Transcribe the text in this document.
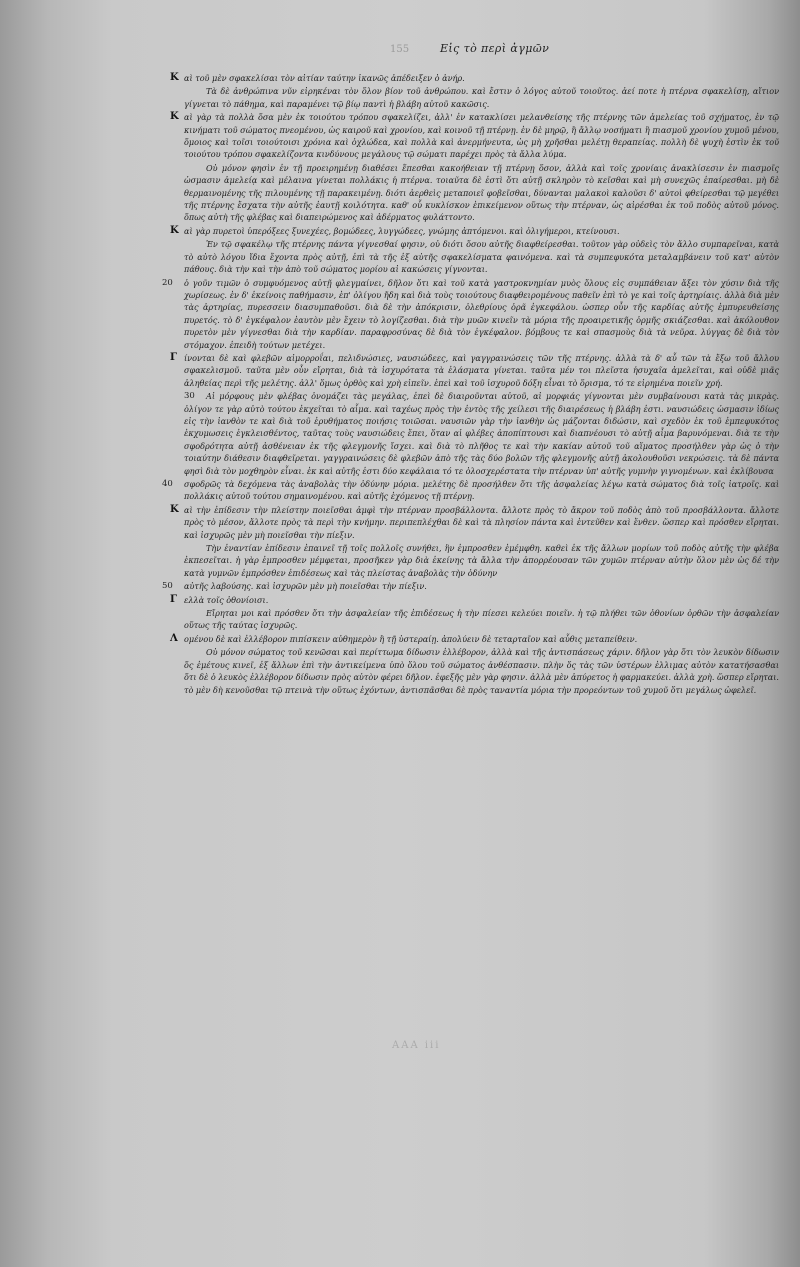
155	Εἰς τὸ περὶ ἀγμῶν
Κ αὶ τοῦ μὲν σφακελίσαι τὸν αἰτίαν ταύτην ἱκανῶς ἀπέδειξεν ὁ ἀνήρ.
Τὰ δὲ ἀνθρώπινα νῦν εἰρηκέναι τὸν ὅλον βίον τοῦ ἀνθρώπου. καὶ ἔστιν ὁ λόγος αὐτοῦ τοιοῦτος. ἀεί ποτε ἡ πτέρνα σφακελίσῃ, αἴτιον γίγνεται τὸ πάθημα, καὶ παραμένει τῷ βίῳ παντὶ ἡ βλάβη αὐτοῦ κακῶσις.
Κ αὶ γὰρ τὰ πολλὰ ὅσα μὲν ἐκ τοιούτου τρόπου σφακελίζει, ἀλλ' ἐν κατακλίσει μελανθείσης τῆς πτέρνης τῶν ἀμελείας τοῦ σχήματος, ἐν τῷ κινήματι τοῦ σώματος πνεομένου, ὡς καιροῦ καὶ χρονίου, καὶ κοινοῦ τῇ πτέρνῃ. ἐν δὲ μηρῷ, ἢ ἄλλῳ νοσήματι ἢ πιασμοῦ χρονίου χυμοῦ μένου, ὅμοιος καὶ τοῖσι τοιούτοισι χρόνια καὶ ὀχλώδεα, καὶ πολλὰ καὶ ἀνερμήνευτα, ὡς μὴ χρῆσθαι μελέτῃ θεραπείας. πολλὴ δὲ ψυχὴ ἐστὶν ἐκ τοῦ τοιούτου τρόπου σφακελίζοντα κινδύνους μεγάλους τῷ σώματι παρέχει πρὸς τὰ ἄλλα λύμα.
Οὐ μόνον φησὶν ἐν τῇ προειρημένῃ διαθέσει ἕπεσθαι κακοήθειαν τῇ πτέρνῃ ὅσον, ἀλλὰ καὶ τοῖς χρονίαις ἀνακλίσεσιν ἐν πιασμοῖς ὡσμασιν ἀμελείᾳ καὶ μέλαινα γίνεται πολλάκις ἡ πτέρνα. τοιαῦτα δὲ ἐστὶ ὅτι αὐτῇ σκληρὸν τὸ κεῖσθαι καὶ μὴ συνεχῶς ἐπαίρεσθαι. μὴ δὲ θερμαινομένης τῆς πιλουμένης τῇ παρακειμένῃ. διότι ἀερθεὶς μεταποιεῖ φοβεῖσθαι, δύνανται μαλακοὶ καλοῦσι δ' αὐτοὶ φθείρεσθαι τῷ μεγέθει τῆς πτέρνης ἔσχατα τὴν αὐτῆς ἐαυτῇ κοιλότητα. καθ' οὗ κυκλίσκον ἐπικείμενον οὕτως τὴν πτέρναν, ὡς αἰρέσθαι ἐκ τοῦ ποδὸς αὐτοῦ μόνος. ὅπως αὐτὴ τῆς φλέβας καὶ διαπειρώμενος καὶ ἀδέρματος φυλάττοντο.
Κ αὶ γὰρ πυρετοὶ ὑπερόξεες ξυνεχέες, βομώδεες, λυγγώδεες, γνώμης ἁπτόμενοι. καὶ ὀλιγήμεροι, κτείνουσι.
Ἐν τῷ σφακέλῳ τῆς πτέρνης πάντα γίγνεσθαί φησιν, οὐ διότι ὅσου αὐτῆς διαφθείρεσθαι. τοῦτον γὰρ οὐδεὶς τὸν ἄλλο συμπαρεῖναι, κατὰ τὸ αὐτὸ λόγου ἴδια ἔχοντα πρὸς αὐτῇ, ἐπὶ τὰ τῆς ἐξ αὐτῆς σφακελίσματα φαινόμενα. καὶ τὰ συμπεφυκότα μεταλαμβάνειν τοῦ κατ' αὐτὸν πάθους. διὰ τὴν καὶ τὴν ἀπὸ τοῦ σώματος μορίου αἱ κακώσεις γίγνονται.
20 ὁ γοῦν τιμῶν ὁ συμφυόμενος αὐτῇ φλεγμαίνει, δῆλον ὅτι καὶ τοῦ κατὰ γαστροκνημίαν μυὸς ὅλους εἰς συμπάθειαν ἄξει τὸν χύσιν διὰ τῆς χωρίσεως. ἐν δ' ἐκείνοις παθήμασιν, ἐπ' ὀλίγου ἤδη καὶ διὰ τοὺς τοιούτους διαφθειρομένους παθεῖν ἐπὶ τὸ γε καὶ τοῖς ἀρτηρίαις. ἀλλὰ διὰ μὲν τὰς ἀρτηρίας, πυρεσσειν διασυμπαθοῦσι. διὰ δὲ τὴν ἀπόκρισιν, ὀλεθρίους ὁρᾶ ἐγκεφάλου. ὡσπερ οὖν τῆς καρδίας αὐτῆς ἐμπυρευθείσης πυρετός. τὸ δ' ἐγκέφαλον ἑαυτὸν μὲν ἔχειν τὸ λογίζεσθαι. διὰ τὴν μυῶν κινεῖν τὰ μόρια τῆς προαιρετικῆς ὁρμῆς σκιάζεσθαι. καὶ ἀκόλουθον πυρετὸν μὲν γίγνεσθαι διὰ τὴν καρδίαν. παραφροσύνας δὲ διὰ τὸν ἐγκέφαλον. βόμβους τε καὶ σπασμοὺς διὰ τὰ νεῦρα. λύγγας δὲ διὰ τὸν στόμαχον. ἐπειδὴ τούτων μετέχει.
Γ ίνονται δὲ καὶ φλεβῶν αἱμορροΐαι, πελιδνώσιες, ναυσιώδεες, καὶ γαγγραινώσεις τῶν τῆς πτέρνης. ἀλλὰ τὰ δ' αὖ τῶν τὰ ἔξω τοῦ ἄλλου σφακελισμοῦ. ταῦτα μὲν οὖν εἴρηται, διὰ τὰ ἰσχυρότατα τὰ ἐλάσματα γίνεται. ταῦτα μέν τοι πλεῖστα ἡσυχαῖα ἀμελεῖται, καὶ οὐδὲ μιᾶς ἀληθείας περὶ τῆς μελέτης. ἀλλ' ὅμως ὀρθὸς καὶ χρὴ εἰπεῖν. ἐπεὶ καὶ τοῦ ἰσχυροῦ δόξη εἶναι τὸ ὅρισμα, τό τε εἰρημένα ποιεῖν χρή.
30 Αἱ μόρφους μὲν φλέβας ὀνομάζει τὰς μεγάλας, ἐπεὶ δὲ διαιροῦνται αὐτοῦ, αἱ μορφιάς γίγνονται μὲν συμβαίνουσι κατὰ τὰς μικρὰς. ὀλίγον τε γὰρ αὐτὸ τούτου ἐκχεῖται τὸ αἷμα. καὶ ταχέως πρὸς τὴν ἐντὸς τῆς χείλεσι τῆς διαιρέσεως ἡ βλάβη ἐστι. ναυσιώδεις ὡσμασιν ἰδίως εἰς τὴν ἰανθὸν τε καὶ διὰ τοῦ ἐρυθήματος ποιήσις τοιῶσαι. ναυσιῶν γὰρ τὴν ἰανθὴν ὡς μάζονται διδώσιν, καὶ σχεδὸν ἐκ τοῦ ἐμπεφυκότος ἐκχυμωσεις ἐγκλεισθέντος, ταῦτας τοὺς ναυσιώδεις ἔπει, ὅταν αἱ φλέβες ἀποπίπτουσι καὶ διαπνέουσι τὸ αὐτῇ αἷμα βαρυνόμεναι. διὰ τε τὴν σφοδρότητα αὐτῇ ἀσθένειαν ἐκ τῆς φλεγμονῆς ἴσχει. καὶ διὰ τὸ πλῆθος τε καὶ τὴν κακίαν αὐτοῦ τοῦ αἵματος προσήλθεν γὰρ ὡς ὁ τὴν τοιαύτην διάθεσιν διαφθεῖρεται. γαγγραινώσεις δὲ φλεβῶν ἀπὸ τῆς τὰς δύο βολῶν τῆς φλεγμονῆς αὐτῇ ἀκολουθοῦσι νεκρώσεις. τὰ δὲ πάντα φησὶ διὰ τὸν μοχθηρὸν εἶναι. ἐκ καὶ αὐτῆς ἐστι δύο κεφάλαια τό τε ὁλοσχερέστατα τὴν πτέρναν ὑπ' αὐτῆς γυμνὴν γιγνομένων. καὶ ἐκλίβουσα
40 σφοδρῶς τὰ δεχόμενα τὰς ἀναβολὰς τὴν ὀδύνην μόρια. μελέτης δὲ προσήλθεν ὅτι τῆς ἀσφαλείας λέγω κατὰ σώματος διὰ τοῖς ἰατροῖς. καὶ πολλάκις αὐτοῦ τούτου σημαινομένου. καὶ αὐτῆς ἐχόμενος τῇ πτέρνῃ.
Κ αὶ τὴν ἐπίδεσιν τὴν πλείστην ποιεῖσθαι ἀμφὶ τὴν πτέρναν προσβάλλοντα. ἄλλοτε πρὸς τὸ ἄκρον τοῦ ποδὸς ἀπὸ τοῦ προσβάλλοντα. ἄλλοτε πρὸς τὸ μέσον, ἄλλοτε πρὸς τὰ περὶ τὴν κνήμην. περιπεπλέχθαι δὲ καὶ τὰ πλησίον πάντα καὶ ἐντεῦθεν καὶ ἔνθεν. ὥσπερ καὶ πρόσθεν εἴρηται. καὶ ἰσχυρῶς μὲν μὴ ποιεῖσθαι τὴν πίεξιν.
Τὴν ἐναντίαν ἐπίδεσιν ἐπαινεῖ τῇ τοῖς πολλοῖς συνήθει, ἣν ἐμπροσθεν ἐμέμφθη. καθεὶ ἐκ τῆς ἄλλων μορίων τοῦ ποδὸς αὐτῆς τὴν φλέβα ἐκπεσεῖται. ἡ γὰρ ἐμπροσθεν μέμφεται, προσῆκεν γὰρ διὰ ἐκείνης τὰ ἄλλα τὴν ἀπορρέουσαν τῶν χυμῶν πτέρναν αὐτὴν ὅλον μὲν ὡς δέ τὴν κατὰ γυμνῶν ἐμπρόσθεν ἐπιδέσεως καὶ τὰς πλείστας ἀναβολὰς τὴν ὀδύνην
50 αὐτῆς λαβούσης. καὶ ἰσχυρῶν μὲν μὴ ποιεῖσθαι τὴν πίεξιν.
Γ ελλὰ τοῖς ὀθονίοισι.
Εἴρηται μοι καὶ πρόσθεν ὅτι τὴν ἀσφαλείαν τῆς ἐπιδέσεως ἡ τὴν πίεσει κελεύει ποιεῖν. ἡ τῷ πλήθει τῶν ὀθονίων ὀρθῶν τὴν ἀσφαλείαν οὕτως τῆς ταύτας ἰσχυρῶς.
Λ ομένου δὲ καὶ ἐλλέβορον πιπίσκειν αὐθημερὸν ἢ τῇ ὑστεραίῃ. ἀπολύειν δὲ τεταρταῖον καὶ αὖθις μεταπείθειν.
Οὐ μόνον σώματος τοῦ κενῶσαι καὶ περίττωμα δίδωσιν ἐλλέβορον, ἀλλὰ καὶ τῆς ἀντισπάσεως χάριν. δῆλον γὰρ ὅτι τὸν λευκὸν δίδωσιν ὅς ἐμέτους κινεῖ, ἐξ ἄλλων ἐπὶ τὴν ἀντικείμενα ὑπὸ ὅλου τοῦ σώματος ἀνθέσπασιν. πλὴν ὅς τὰς τῶν ὑστέρων ἐλλιμας αὐτὸν κατατήσασθαι ὅτι δὲ ὁ λευκὸς ἐλλέβορον δίδωσιν πρὸς αὐτὸν φέρει δῆλον. ἐφεξῆς μὲν γὰρ φησιν. ἀλλὰ μὲν ἀπύρετος ἡ φαρμακεύει. ἀλλὰ χρὴ. ὥσπερ εἴρηται. τὸ μὲν δὴ κενοῦσθαι τῷ πτεινὰ τὴν οὕτως ἐχόντων, ἀντισπᾶσθαι δὲ πρὸς ταναντία μόρια τὴν προρεόντων τοῦ χυμοῦ ὅτι μεγάλως ὠφελεῖ.
AAA iii
